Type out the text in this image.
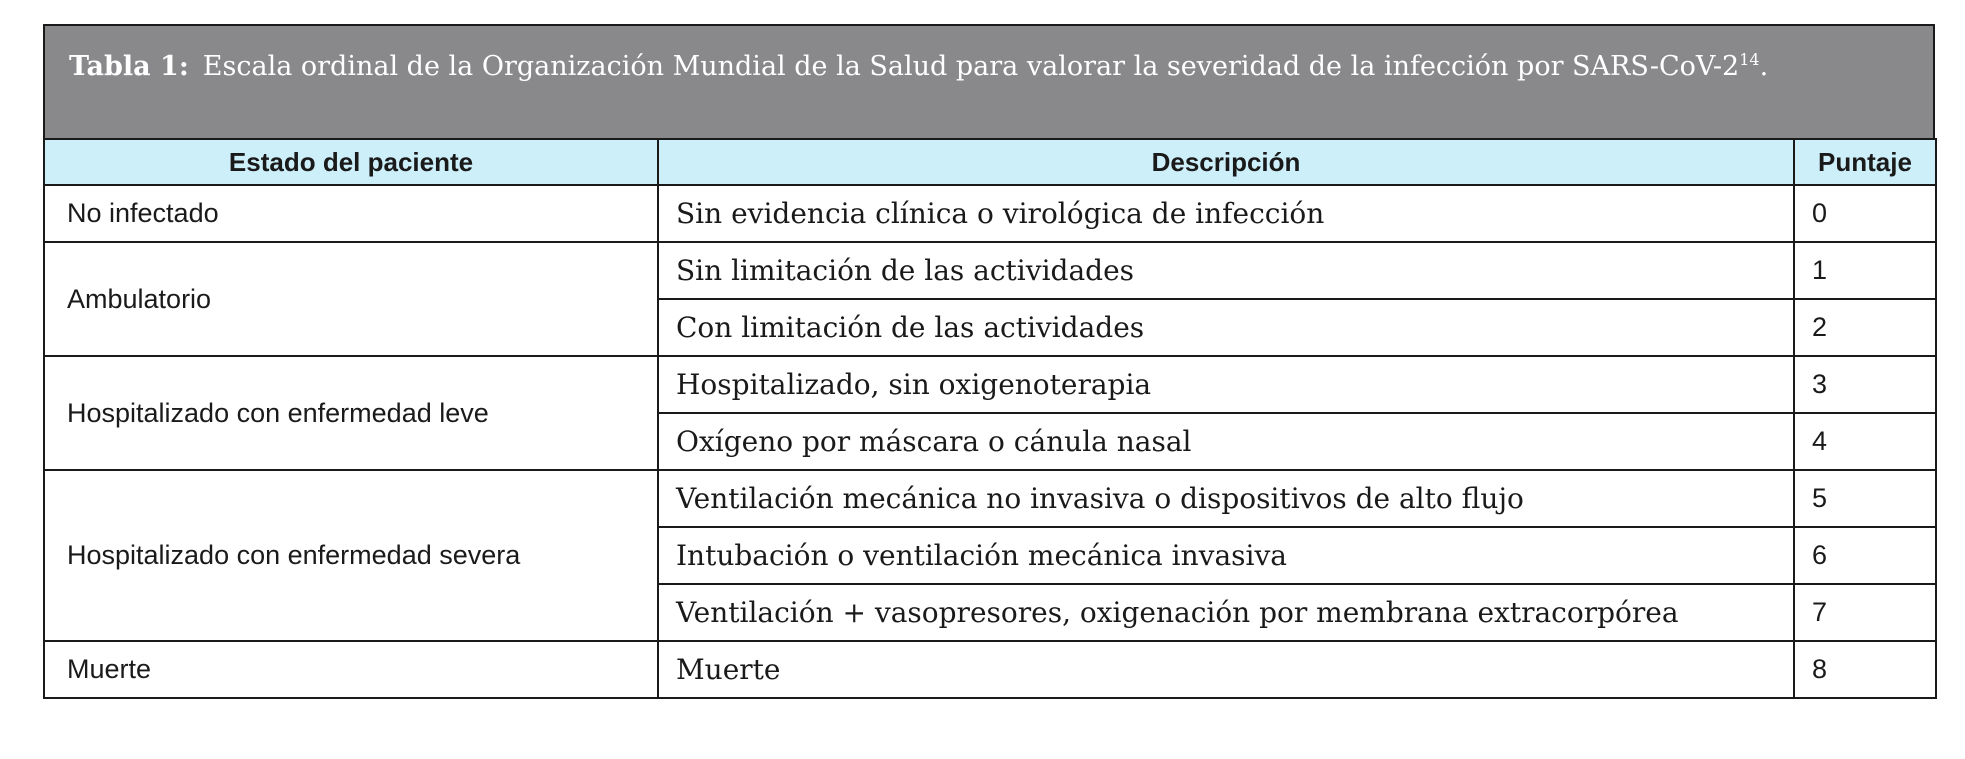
Tabla 1: Escala ordinal de la Organización Mundial de la Salud para valorar la severidad de la infección por SARS-$CoV-2^{14}$.
Estado del paciente	Descripción	Puntaje
No infectado	Sin evidencia clínica o virológica de infección	0
Ambulatorio	Sin limitación de las actividades	1
	Con limitación de las actividades	2
Hospitalizado con enfermedad leve	Hospitalizado, sin oxigenoterapia	3
	Oxígeno por máscara o cánula nasal	4
Hospitalizado con enfermedad severa	Ventilación mecánica no invasiva o dispositivos de alto flujo	5
	Intubación o ventilación mecánica invasiva	6
	Ventilación + vasopresores, oxigenación por membrana extracorpórea	7
Muerte	Muerte	8
